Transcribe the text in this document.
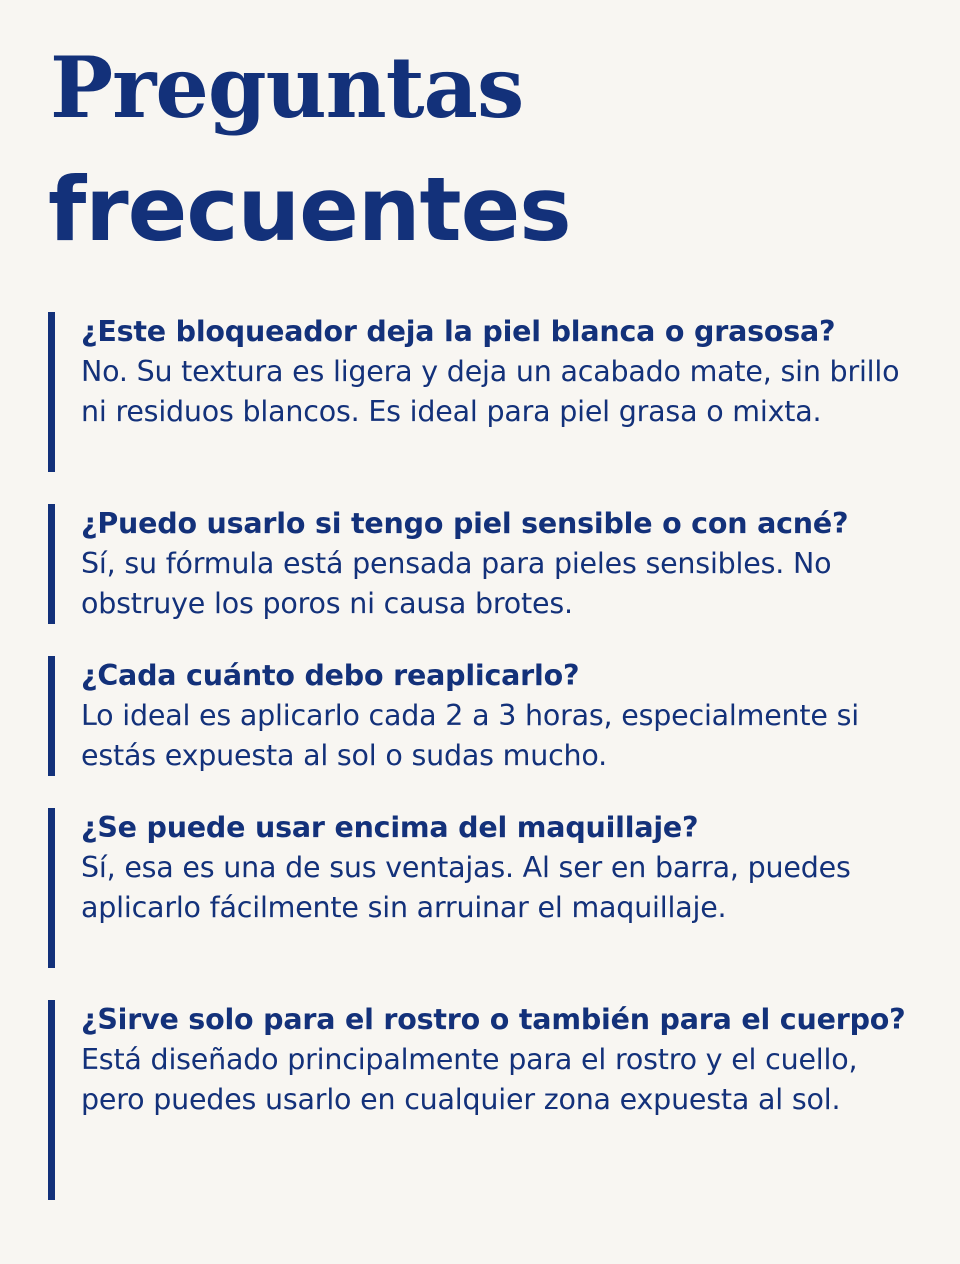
Preguntas
frecuentes
¿Este bloqueador deja la piel blanca o grasosa?
No. Su textura es ligera y deja un acabado mate, sin brillo ni residuos blancos. Es ideal para piel grasa o mixta.
¿Puedo usarlo si tengo piel sensible o con acné?
Sí, su fórmula está pensada para pieles sensibles. No obstruye los poros ni causa brotes.
¿Cada cuánto debo reaplicarlo?
Lo ideal es aplicarlo cada 2 a 3 horas, especialmente si estás expuesta al sol o sudas mucho.
¿Se puede usar encima del maquillaje?
Sí, esa es una de sus ventajas. Al ser en barra, puedes aplicarlo fácilmente sin arruinar el maquillaje.
¿Sirve solo para el rostro o también para el cuerpo?
Está diseñado principalmente para el rostro y el cuello, pero puedes usarlo en cualquier zona expuesta al sol.
